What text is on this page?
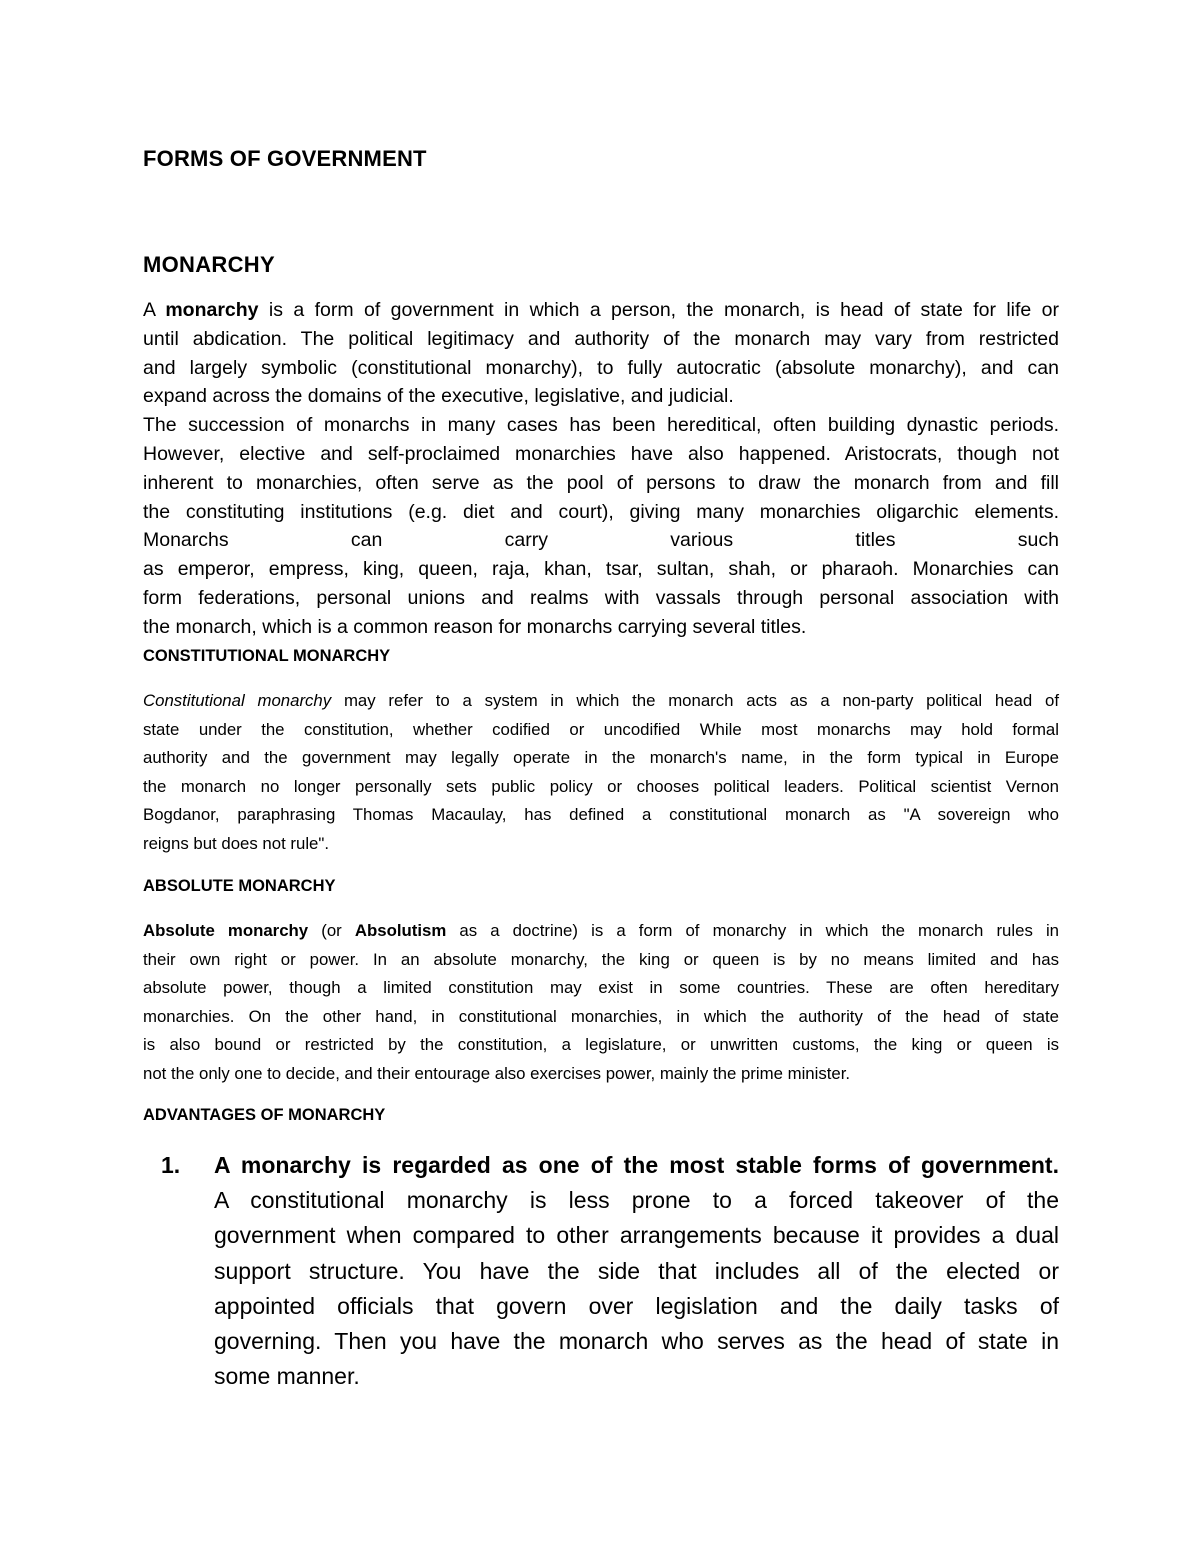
FORMS OF GOVERNMENT
MONARCHY
A monarchy is a form of government in which a person, the monarch, is head of state for life or
until abdication. The political legitimacy and authority of the monarch may vary from restricted
and largely symbolic (constitutional monarchy), to fully autocratic (absolute monarchy), and can
expand across the domains of the executive, legislative, and judicial.
The succession of monarchs in many cases has been hereditical, often building dynastic periods.
However, elective and self-proclaimed monarchies have also happened. Aristocrats, though not
inherent to monarchies, often serve as the pool of persons to draw the monarch from and fill
the constituting institutions (e.g. diet and court), giving many monarchies oligarchic elements.
Monarchs can carry various titles such
as emperor, empress, king, queen, raja, khan, tsar, sultan, shah, or pharaoh. Monarchies can
form federations, personal unions and realms with vassals through personal association with
the monarch, which is a common reason for monarchs carrying several titles.
CONSTITUTIONAL MONARCHY
Constitutional monarchy may refer to a system in which the monarch acts as a non-party political head of
state under the constitution, whether codified or uncodified While most monarchs may hold formal
authority and the government may legally operate in the monarch's name, in the form typical in Europe
the monarch no longer personally sets public policy or chooses political leaders. Political scientist Vernon
Bogdanor, paraphrasing Thomas Macaulay, has defined a constitutional monarch as "A sovereign who
reigns but does not rule".
ABSOLUTE MONARCHY
Absolute monarchy (or Absolutism as a doctrine) is a form of monarchy in which the monarch rules in
their own right or power. In an absolute monarchy, the king or queen is by no means limited and has
absolute power, though a limited constitution may exist in some countries. These are often hereditary
monarchies. On the other hand, in constitutional monarchies, in which the authority of the head of state
is also bound or restricted by the constitution, a legislature, or unwritten customs, the king or queen is
not the only one to decide, and their entourage also exercises power, mainly the prime minister.
ADVANTAGES OF MONARCHY
1. A monarchy is regarded as one of the most stable forms of government.
A constitutional monarchy is less prone to a forced takeover of the
government when compared to other arrangements because it provides a dual
support structure. You have the side that includes all of the elected or
appointed officials that govern over legislation and the daily tasks of
governing. Then you have the monarch who serves as the head of state in
some manner.
